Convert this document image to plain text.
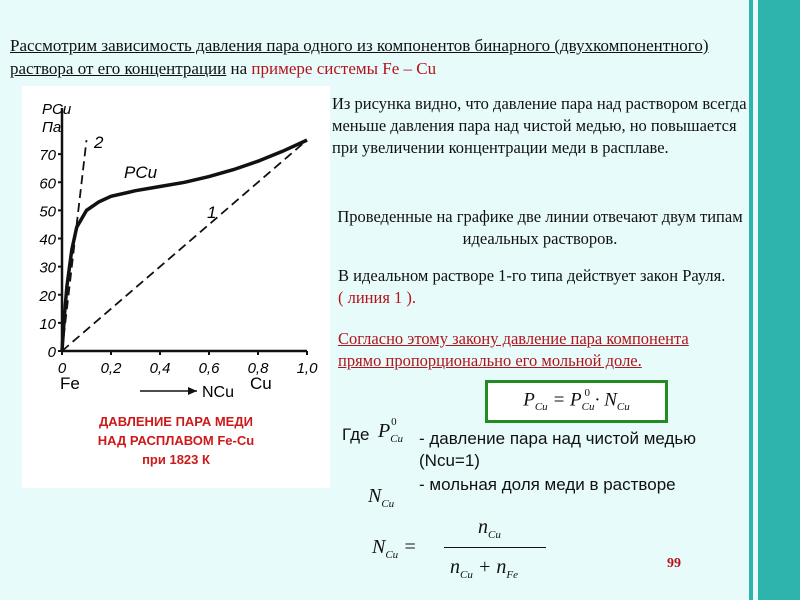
Рассмотрим зависимость давления пара одного из компонентов бинарного (двухкомпонентного) раствора от его концентрации на примере системы Fe – Cu
0
10
20
30
40
50
60
70
0 0,2 0,4 0,6 0,8 1,0
PCu
Па
Fe	Cu
NCu
PCu
1
2
ДАВЛЕНИЕ ПАРА МЕДИ
НАД РАСПЛАВОМ Fe-Cu
при 1823 К
Из рисунка видно, что давление пара над раствором всегда меньше давления пара над чистой медью, но повышается при увеличении концентрации меди в расплаве.
Проведенные на графике две линии отвечают двум типам идеальных растворов.
В идеальном растворе 1-го типа действует закон Рауля. ( линия 1 ).
Согласно этому закону давление пара компонента прямо пропорционально его мольной доле.
$P_{Cu} = P_{Cu}^0 \cdot N_{Cu}$
Где $P_{Cu}^0$
- давление пара над чистой медью (Ncu=1)
$N_{Cu}$
- мольная доля меди в растворе
$N_{Cu}$ =
$n_{Cu}$
$n_{Cu} + n_{Fe}$
99
